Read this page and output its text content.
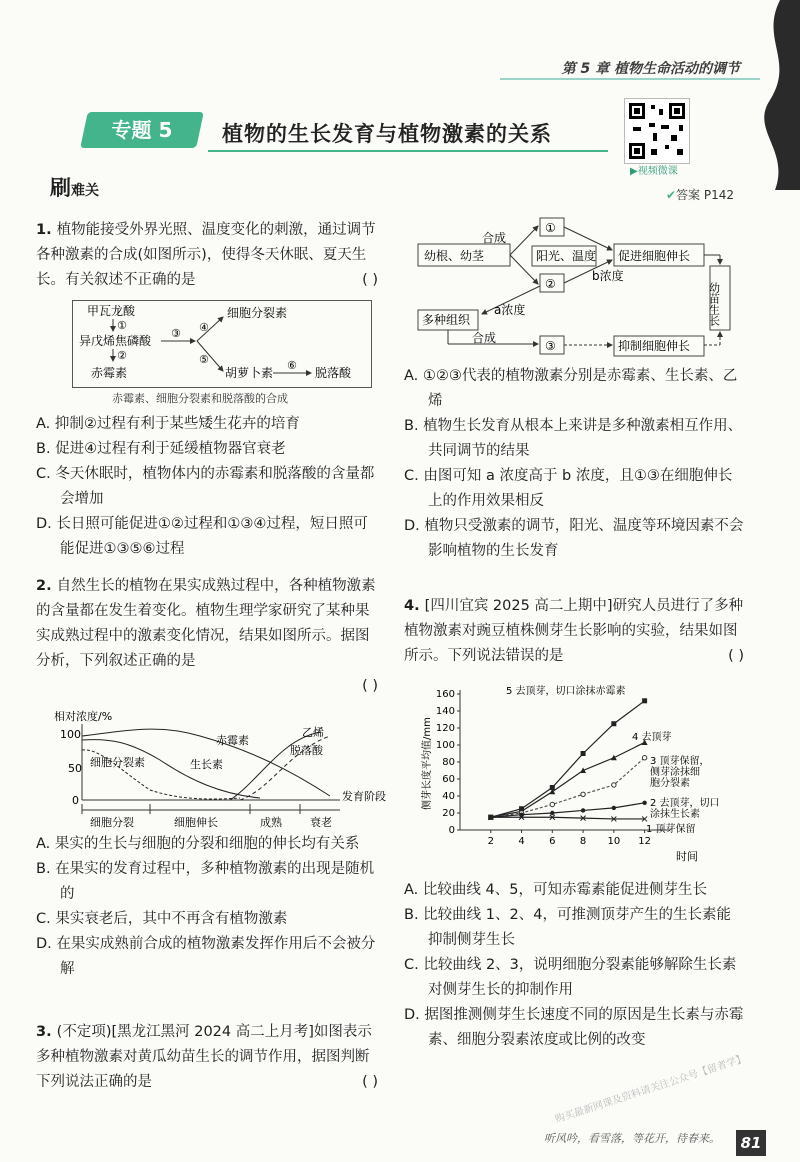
第 5 章 植物生命活动的调节
专题 5	植物的生长发育与植物激素的关系
▶视频微课
刷难关	✔答案 P142
1. 植物能接受外界光照、温度变化的刺激，通过调节各种激素的合成(如图所示)，使得冬天休眠、夏天生长。有关叙述不正确的是	( )
甲瓦龙酸
①
异戊烯焦磷酸
②
赤霉素
③ ④
⑤
细胞分裂素
胡萝卜素
⑥
脱落酸
赤霉素、细胞分裂素和脱落酸的合成
A. 抑制②过程有利于某些矮生花卉的培育
B. 促进④过程有利于延缓植物器官衰老
C. 冬天休眠时，植物体内的赤霉素和脱落酸的含量都会增加
D. 长日照可能促进①②过程和①③④过程，短日照可能促进①③⑤⑥过程
2. 自然生长的植物在果实成熟过程中，各种植物激素的含量都在发生着变化。植物生理学家研究了某种果实成熟过程中的激素变化情况，结果如图所示。据图分析，下列叙述正确的是
( )
相对浓度/%
100
50
0
赤霉素
生长素
乙烯
脱落酸
细胞分裂素
发育阶段
细胞分裂	细胞伸长	成熟	衰老
A. 果实的生长与细胞的分裂和细胞的伸长均有关系
B. 在果实的发育过程中，多种植物激素的出现是随机的
C. 果实衰老后，其中不再含有植物激素
D. 在果实成熟前合成的植物激素发挥作用后不会被分解
3. (不定项)[黑龙江黑河 2024 高二上月考]如图表示多种植物激素对黄瓜幼苗生长的调节作用，据图判断下列说法正确的是	( )
幼根、幼茎
合成
①
阳光、温度
②
b浓度
促进细胞伸长
幼苗生长
多种组织
a浓度
合成
③	抑制细胞伸长
A. ①②③代表的植物激素分别是赤霉素、生长素、乙烯
B. 植物生长发育从根本上来讲是多种激素相互作用、共同调节的结果
C. 由图可知 a 浓度高于 b 浓度，且①③在细胞伸长上的作用效果相反
D. 植物只受激素的调节，阳光、温度等环境因素不会影响植物的生长发育
4. [四川宜宾 2025 高二上期中]研究人员进行了多种植物激素对豌豆植株侧芽生长影响的实验，结果如图所示。下列说法错误的是	( )
侧芽长度平均值/mm
时间
0
20
40
60
80
100
120
140
160
2 4 6 8 10 12
5 去顶芽，切口涂抹赤霉素
4 去顶芽
3 顶芽保留，侧芽涂抹细胞分裂素
2 去顶芽，切口涂抹生长素
1 顶芽保留
A. 比较曲线 4、5，可知赤霉素能促进侧芽生长
B. 比较曲线 1、2、4，可推测顶芽产生的生长素能抑制侧芽生长
C. 比较曲线 2、3，说明细胞分裂素能够解除生长素对侧芽生长的抑制作用
D. 据图推测侧芽生长速度不同的原因是生长素与赤霉素、细胞分裂素浓度或比例的改变
听风吟，看雪落，等花开，待春来。	81
购买最新网课及资料请关注公众号【留者学】
